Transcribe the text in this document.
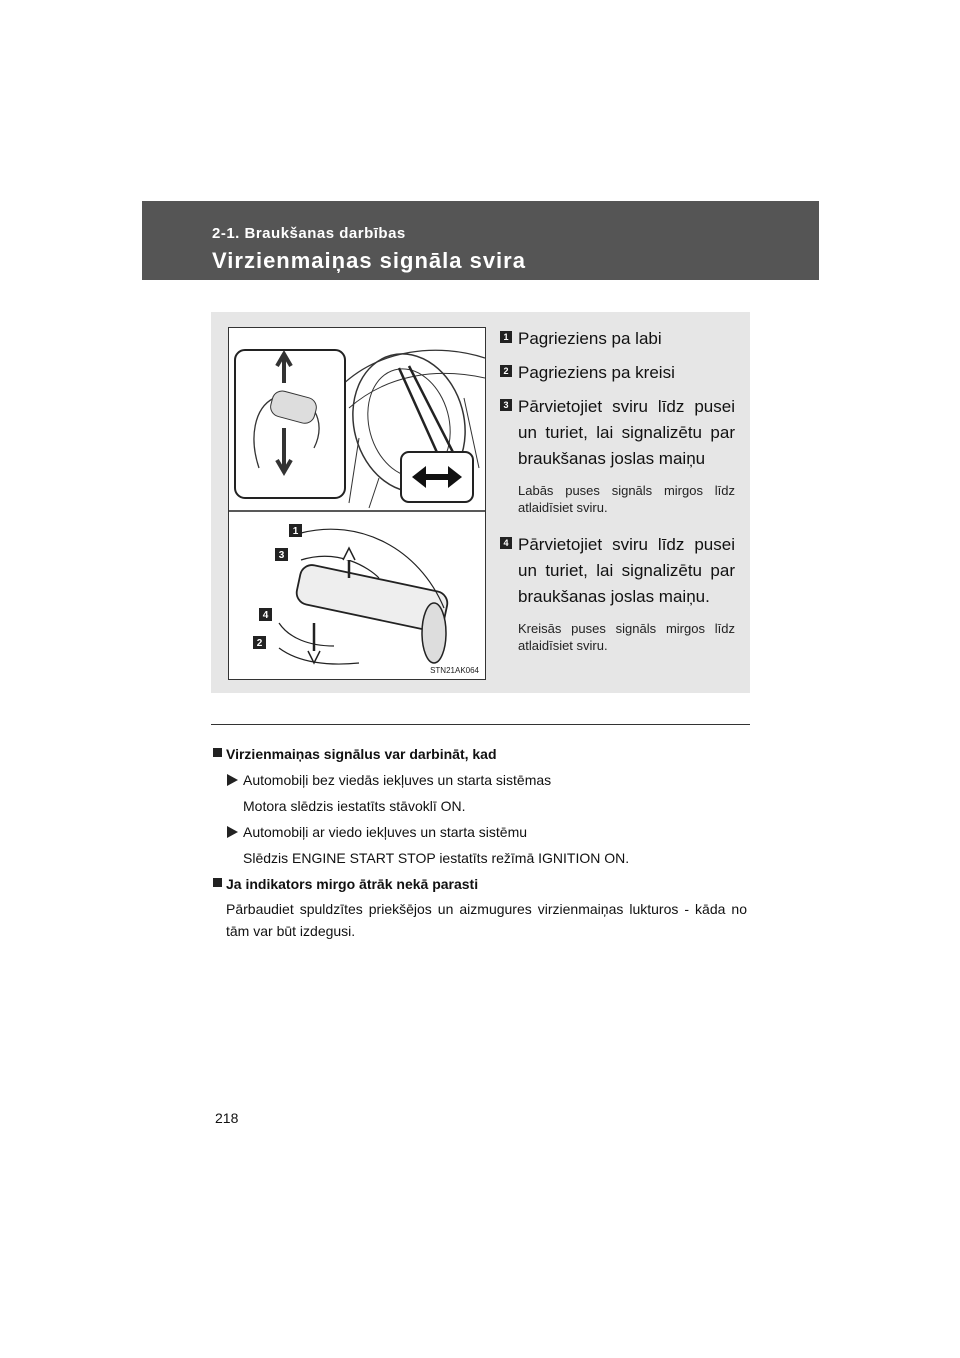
2-1. Braukšanas darbības
Virzienmaiņas signāla svira
1
3
4
2
STN21AK064
1 Pagrieziens pa labi
2 Pagrieziens pa kreisi
3 Pārvietojiet sviru līdz pusei un turiet, lai signalizētu par braukšanas joslas maiņu
Labās puses signāls mirgos līdz atlaidīsiet sviru.
4 Pārvietojiet sviru līdz pusei un turiet, lai signalizētu par braukšanas joslas maiņu.
Kreisās puses signāls mirgos līdz atlaidīsiet sviru.
Virzienmaiņas signālus var darbināt, kad
Automobiļi bez viedās iekļuves un starta sistēmas
Motora slēdzis iestatīts stāvoklī ON.
Automobiļi ar viedo iekļuves un starta sistēmu
Slēdzis ENGINE START STOP iestatīts režīmā IGNITION ON.
Ja indikators mirgo ātrāk nekā parasti
Pārbaudiet spuldzītes priekšējos un aizmugures virzienmaiņas lukturos - kāda no tām var būt izdegusi.
218
